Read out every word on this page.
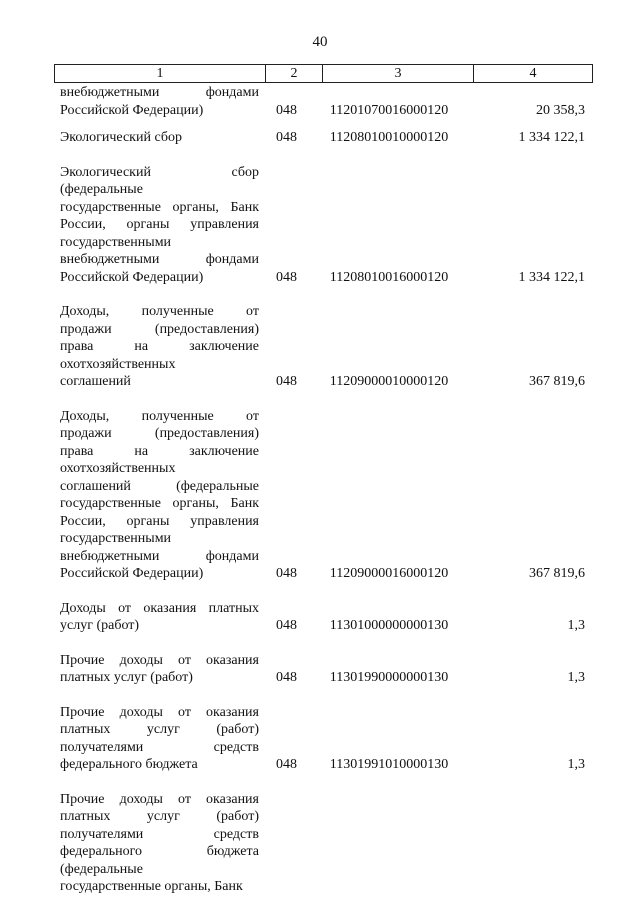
40
1	2	3	4
внебюджетными фондами
Российской Федерации)	048	11201070016000120	20 358,3
Экологический сбор	048	11208010010000120	1 334 122,1
Экологический сбор
(федеральные
государственные органы, Банк
России, органы управления
государственными
внебюджетными фондами
Российской Федерации)	048	11208010016000120	1 334 122,1
Доходы, полученные от
продажи (предоставления)
права на заключение
охотхозяйственных
соглашений	048	11209000010000120	367 819,6
Доходы, полученные от
продажи (предоставления)
права на заключение
охотхозяйственных
соглашений (федеральные
государственные органы, Банк
России, органы управления
государственными
внебюджетными фондами
Российской Федерации)	048	11209000016000120	367 819,6
Доходы от оказания платных
услуг (работ)	048	11301000000000130	1,3
Прочие доходы от оказания
платных услуг (работ)	048	11301990000000130	1,3
Прочие доходы от оказания
платных услуг (работ)
получателями средств
федерального бюджета	048	11301991010000130	1,3
Прочие доходы от оказания
платных услуг (работ)
получателями средств
федерального бюджета
(федеральные
государственные органы, Банк
